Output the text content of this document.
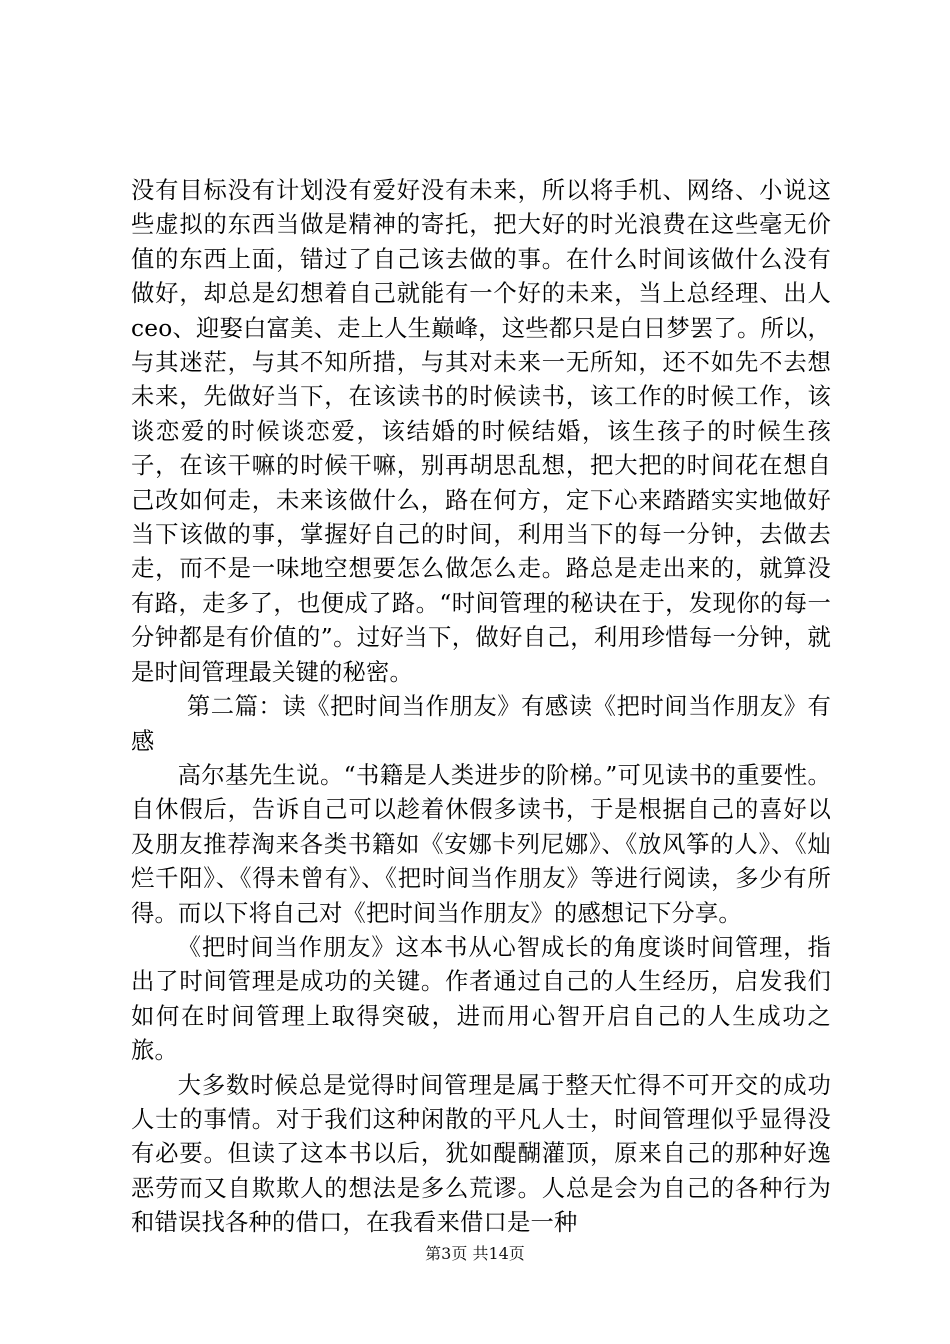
没有目标没有计划没有爱好没有未来，所以将手机、网络、小说这些虚拟的东西当做是精神的寄托，把大好的时光浪费在这些毫无价值的东西上面，错过了自己该去做的事。在什么时间该做什么没有做好，却总是幻想着自己就能有一个好的未来，当上总经理、出人ceo、迎娶白富美、走上人生巅峰，这些都只是白日梦罢了。所以，与其迷茫，与其不知所措，与其对未来一无所知，还不如先不去想未来，先做好当下，在该读书的时候读书，该工作的时候工作，该谈恋爱的时候谈恋爱，该结婚的时候结婚，该生孩子的时候生孩子，在该干嘛的时候干嘛，别再胡思乱想，把大把的时间花在想自己改如何走，未来该做什么，路在何方，定下心来踏踏实实地做好当下该做的事，掌握好自己的时间，利用当下的每一分钟，去做去走，而不是一味地空想要怎么做怎么走。路总是走出来的，就算没有路，走多了，也便成了路。“时间管理的秘诀在于，发现你的每一分钟都是有价值的”。过好当下，做好自己，利用珍惜每一分钟，就是时间管理最关键的秘密。

第二篇：读《把时间当作朋友》有感读《把时间当作朋友》有感

高尔基先生说。“书籍是人类进步的阶梯。”可见读书的重要性。自休假后，告诉自己可以趁着休假多读书，于是根据自己的喜好以及朋友推荐淘来各类书籍如《安娜卡列尼娜》、《放风筝的人》、《灿烂千阳》、《得未曾有》、《把时间当作朋友》等进行阅读，多少有所得。而以下将自己对《把时间当作朋友》的感想记下分享。

《把时间当作朋友》这本书从心智成长的角度谈时间管理，指出了时间管理是成功的关键。作者通过自己的人生经历，启发我们如何在时间管理上取得突破，进而用心智开启自己的人生成功之旅。

大多数时候总是觉得时间管理是属于整天忙得不可开交的成功人士的事情。对于我们这种闲散的平凡人士，时间管理似乎显得没有必要。但读了这本书以后，犹如醍醐灌顶，原来自己的那种好逸恶劳而又自欺欺人的想法是多么荒谬。人总是会为自己的各种行为和错误找各种的借口，在我看来借口是一种

第3页 共14页
